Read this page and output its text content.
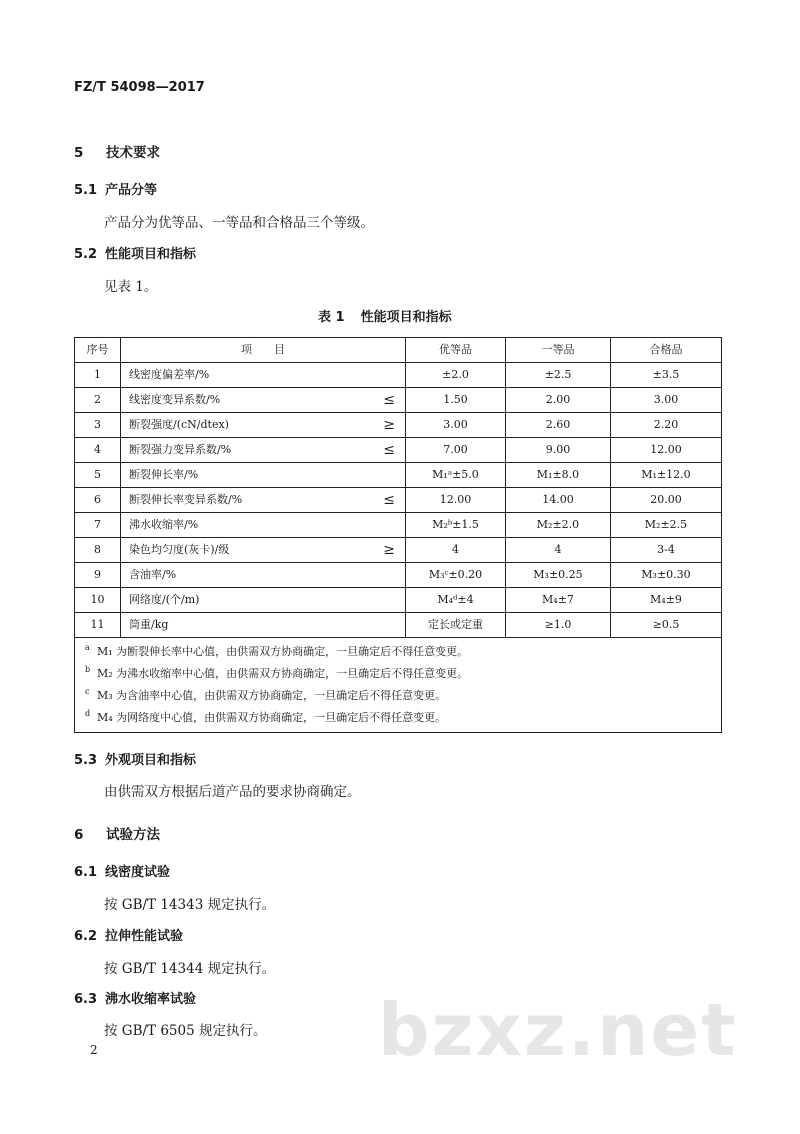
FZ/T 54098—2017
5 技术要求
5.1 产品分等
产品分为优等品、一等品和合格品三个等级。
5.2 性能项目和指标
见表 1。
表 1 性能项目和指标
序号	项　　目	优等品	一等品	合格品
1	线密度偏差率/%	±2.0	±2.5	±3.5
2	线密度变异系数/% ≤	1.50	2.00	3.00
3	断裂强度/(cN/dtex) ≥	3.00	2.60	2.20
4	断裂强力变异系数/% ≤	7.00	9.00	12.00
5	断裂伸长率/%	M₁ᵃ±5.0	M₁±8.0	M₁±12.0
6	断裂伸长率变异系数/% ≤	12.00	14.00	20.00
7	沸水收缩率/%	M₂ᵇ±1.5	M₂±2.0	M₂±2.5
8	染色均匀度(灰卡)/级 ≥	4	4	3-4
9	含油率/%	M₃ᶜ±0.20	M₃±0.25	M₃±0.30
10	网络度/(个/m)	M₄ᵈ±4	M₄±7	M₄±9
11	筒重/kg	定长或定重	≥1.0	≥0.5

a M₁ 为断裂伸长率中心值，由供需双方协商确定，一旦确定后不得任意变更。
b M₂ 为沸水收缩率中心值，由供需双方协商确定，一旦确定后不得任意变更。
c M₃ 为含油率中心值，由供需双方协商确定，一旦确定后不得任意变更。
d M₄ 为网络度中心值，由供需双方协商确定，一旦确定后不得任意变更。				
5.3 外观项目和指标
由供需双方根据后道产品的要求协商确定。
6 试验方法
6.1 线密度试验
按 GB/T 14343 规定执行。
6.2 拉伸性能试验
按 GB/T 14344 规定执行。
6.3 沸水收缩率试验
按 GB/T 6505 规定执行。 bzxz.net
2
